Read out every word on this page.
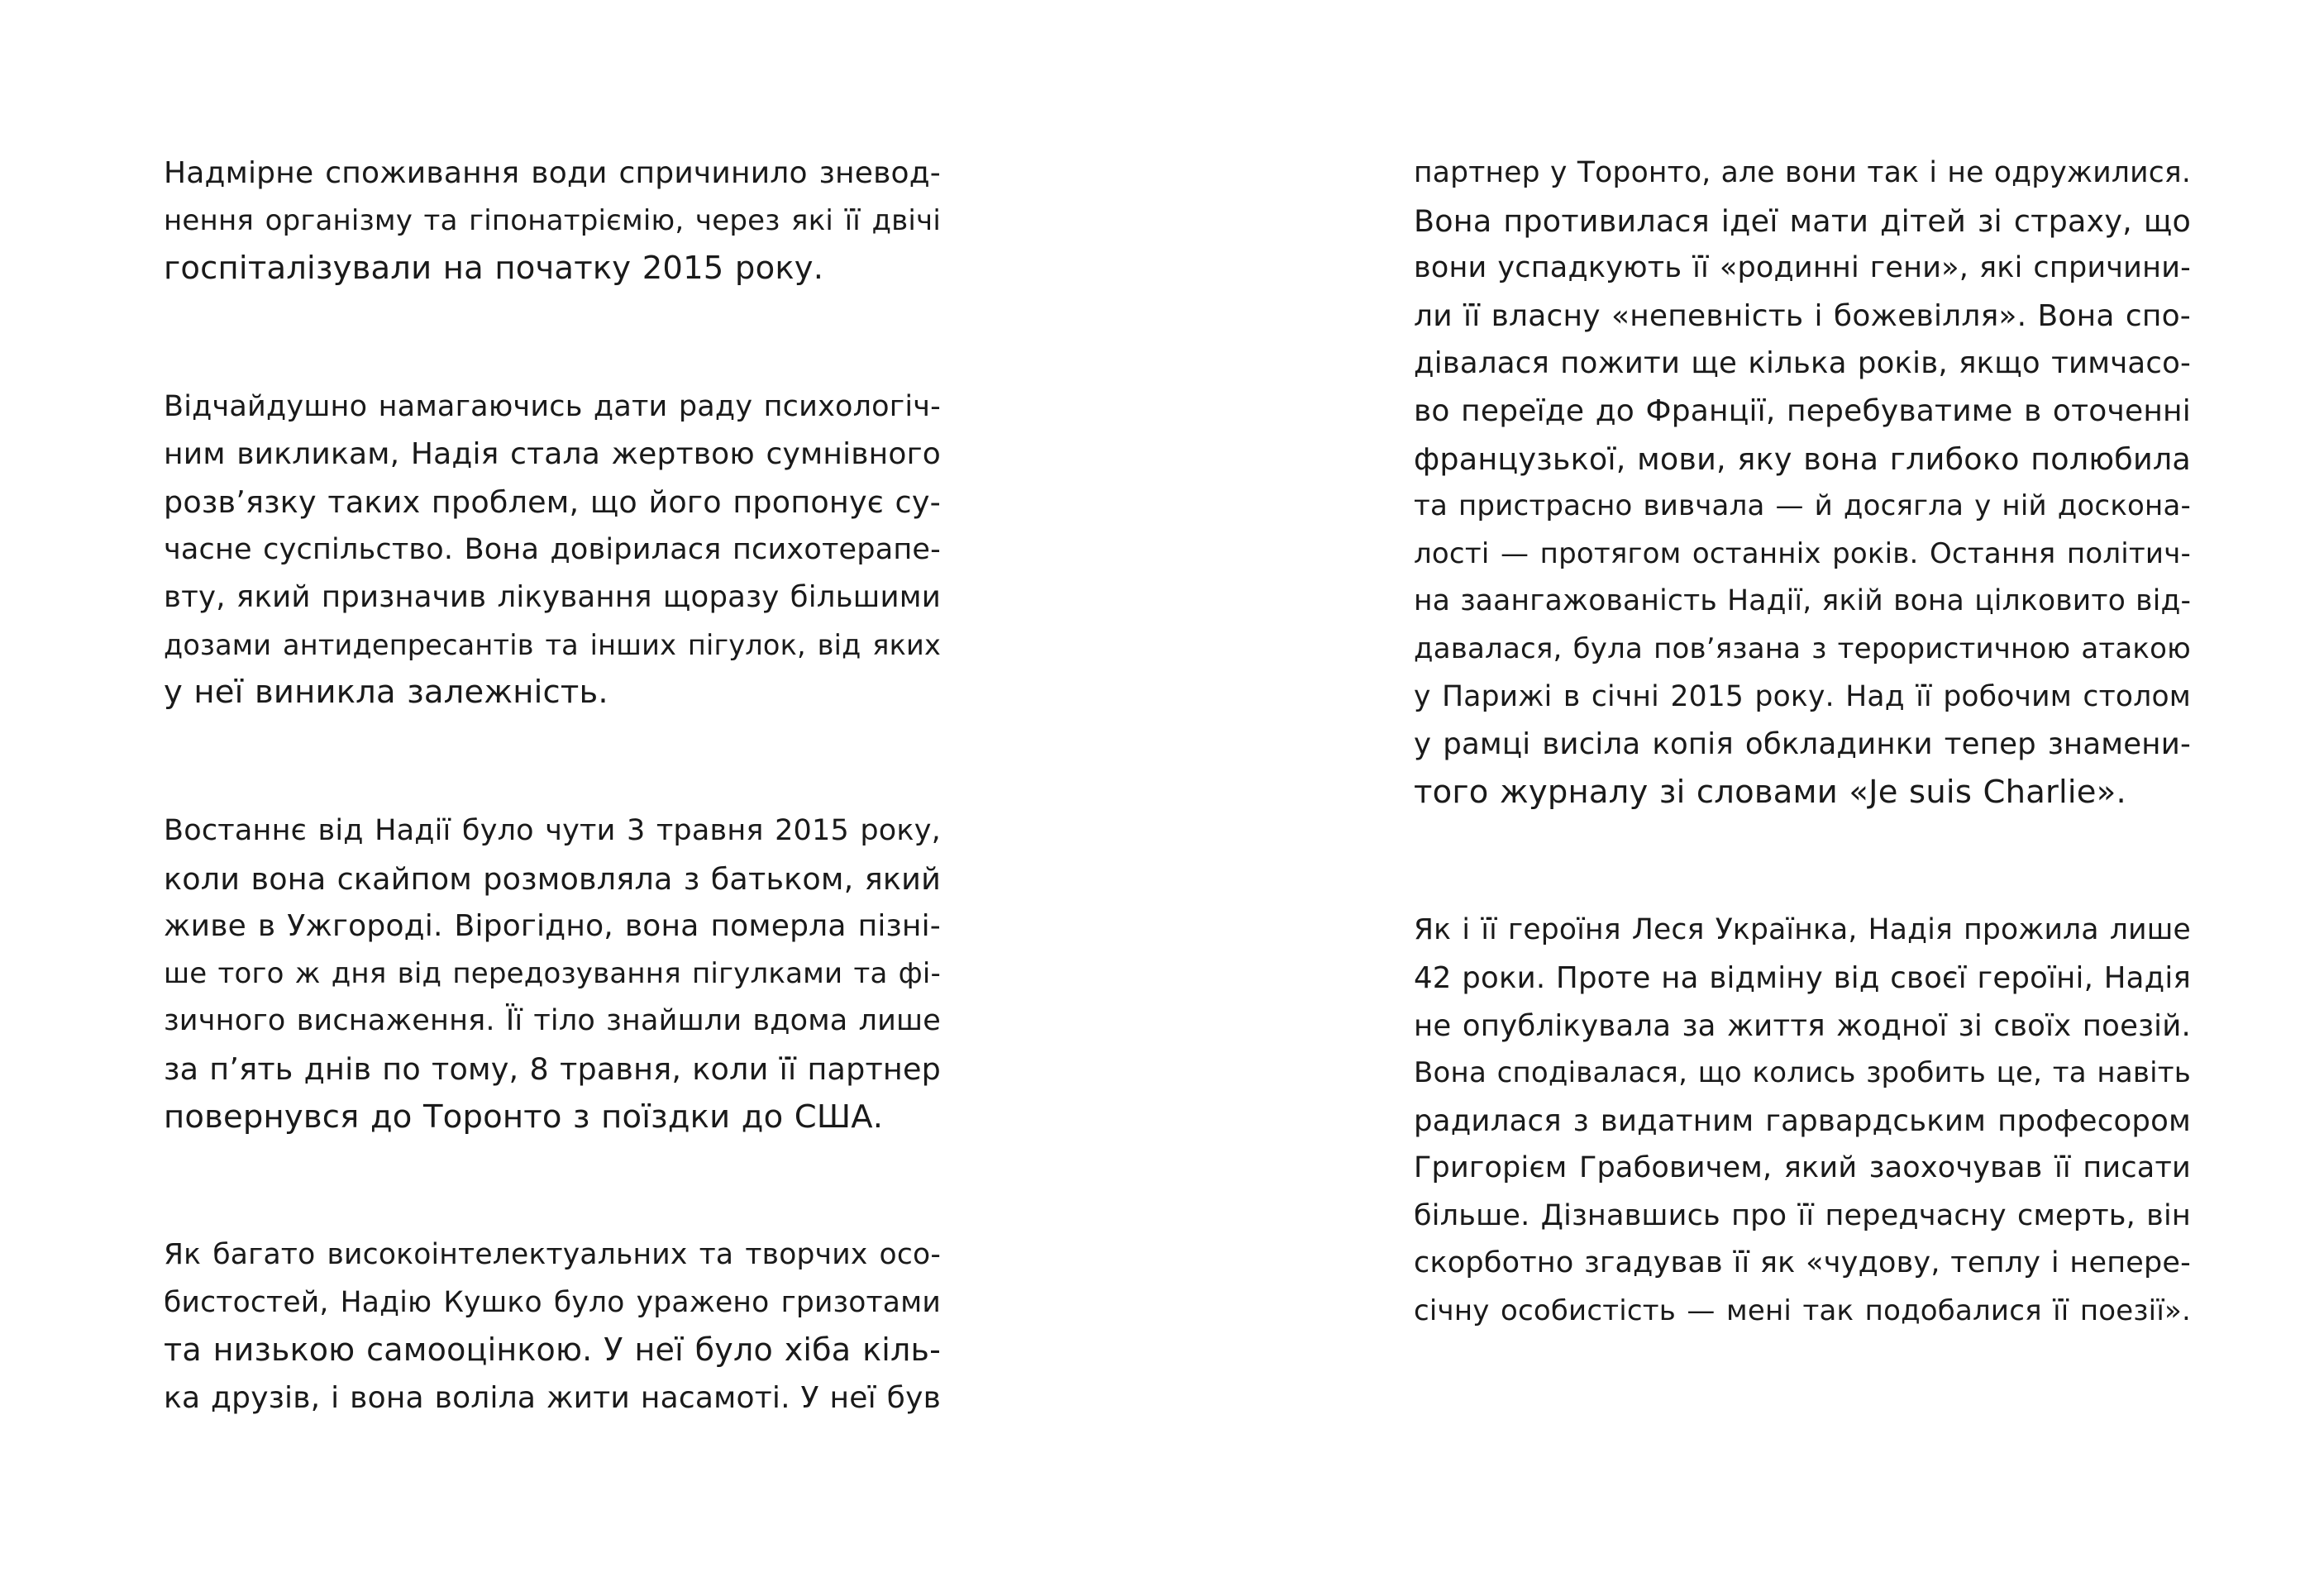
Надмірне споживання води спричинило зневод-
нення організму та гіпонатріємію, через які її двічі
госпіталізували на початку 2015 року.

Відчайдушно намагаючись дати раду психологіч-
ним викликам, Надія стала жертвою сумнівного
розв’язку таких проблем, що його пропонує су-
часне суспільство. Вона довірилася психотерапе-
вту, який призначив лікування щоразу більшими
дозами антидепресантів та інших пігулок, від яких
у неї виникла залежність.

Востаннє від Надії було чути 3 травня 2015 року,
коли вона скайпом розмовляла з батьком, який
живе в Ужгороді. Вірогідно, вона померла пізні-
ше того ж дня від передозування пігулками та фі-
зичного виснаження. Її тіло знайшли вдома лише
за п’ять днів по тому, 8 травня, коли її партнер
повернувся до Торонто з поїздки до США.

Як багато високоінтелектуальних та творчих осо-
бистостей, Надію Кушко було уражено гризотами
та низькою самооцінкою. У неї було хіба кіль-
ка друзів, і вона воліла жити насамоті. У неї був

партнер у Торонто, але вони так і не одружилися.
Вона противилася ідеї мати дітей зі страху, що
вони успадкують її «родинні гени», які спричини-
ли її власну «непевність і божевілля». Вона спо-
дівалася пожити ще кілька років, якщо тимчасо-
во переїде до Франції, перебуватиме в оточенні
французької, мови, яку вона глибоко полюбила
та пристрасно вивчала — й досягла у ній доскона-
лості — протягом останніх років. Остання політич-
на заангажованість Надії, якій вона цілковито від-
давалася, була пов’язана з терористичною атакою
у Парижі в січні 2015 року. Над її робочим столом
у рамці висіла копія обкладинки тепер знамени-
того журналу зі словами «Je suis Charlie».

Як і її героїня Леся Українка, Надія прожила лише
42 роки. Проте на відміну від своєї героїні, Надія
не опублікувала за життя жодної зі своїх поезій.
Вона сподівалася, що колись зробить це, та навіть
радилася з видатним гарвардським професором
Григорієм Грабовичем, який заохочував її писати
більше. Дізнавшись про її передчасну смерть, він
скорботно згадував її як «чудову, теплу і непере-
січну особистість — мені так подобалися її поезії».
